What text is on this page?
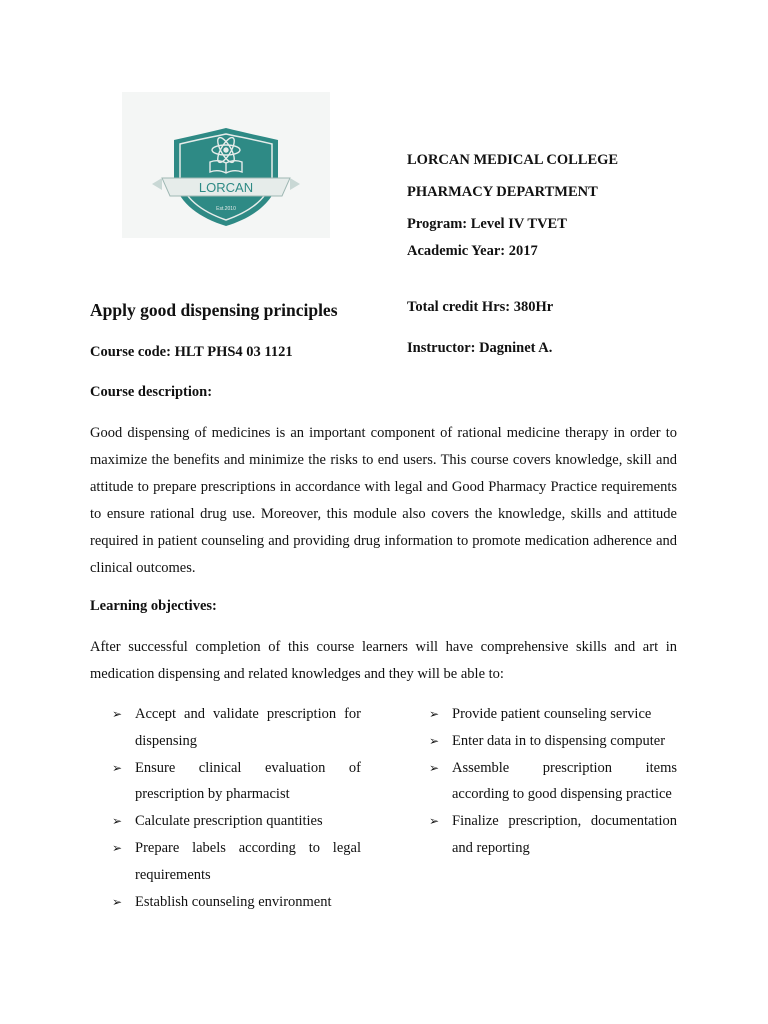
LORCAN
Est.2010
LORCAN MEDICAL COLLEGE
PHARMACY DEPARTMENT
Program: Level IV TVET
Academic Year: 2017
Apply good dispensing principles
Course code: HLT PHS4 03 1121
Total credit Hrs: 380Hr
Instructor: Dagninet A.
Course description:
Good dispensing of medicines is an important component of rational medicine therapy in order to maximize the benefits and minimize the risks to end users. This course covers knowledge, skill and attitude to prepare prescriptions in accordance with legal and Good Pharmacy Practice requirements to ensure rational drug use. Moreover, this module also covers the knowledge, skills and attitude required in patient counseling and providing drug information to promote medication adherence and clinical outcomes.
Learning objectives:
After successful completion of this course learners will have comprehensive skills and art in medication dispensing and related knowledges and they will be able to:
➢ Accept and validate prescription for dispensing
➢ Ensure clinical evaluation of prescription by pharmacist
➢ Calculate prescription quantities
➢ Prepare labels according to legal requirements
➢ Establish counseling environment
➢ Provide patient counseling service
➢ Enter data in to dispensing computer
➢ Assemble prescription items according to good dispensing practice
➢ Finalize prescription, documentation and reporting
